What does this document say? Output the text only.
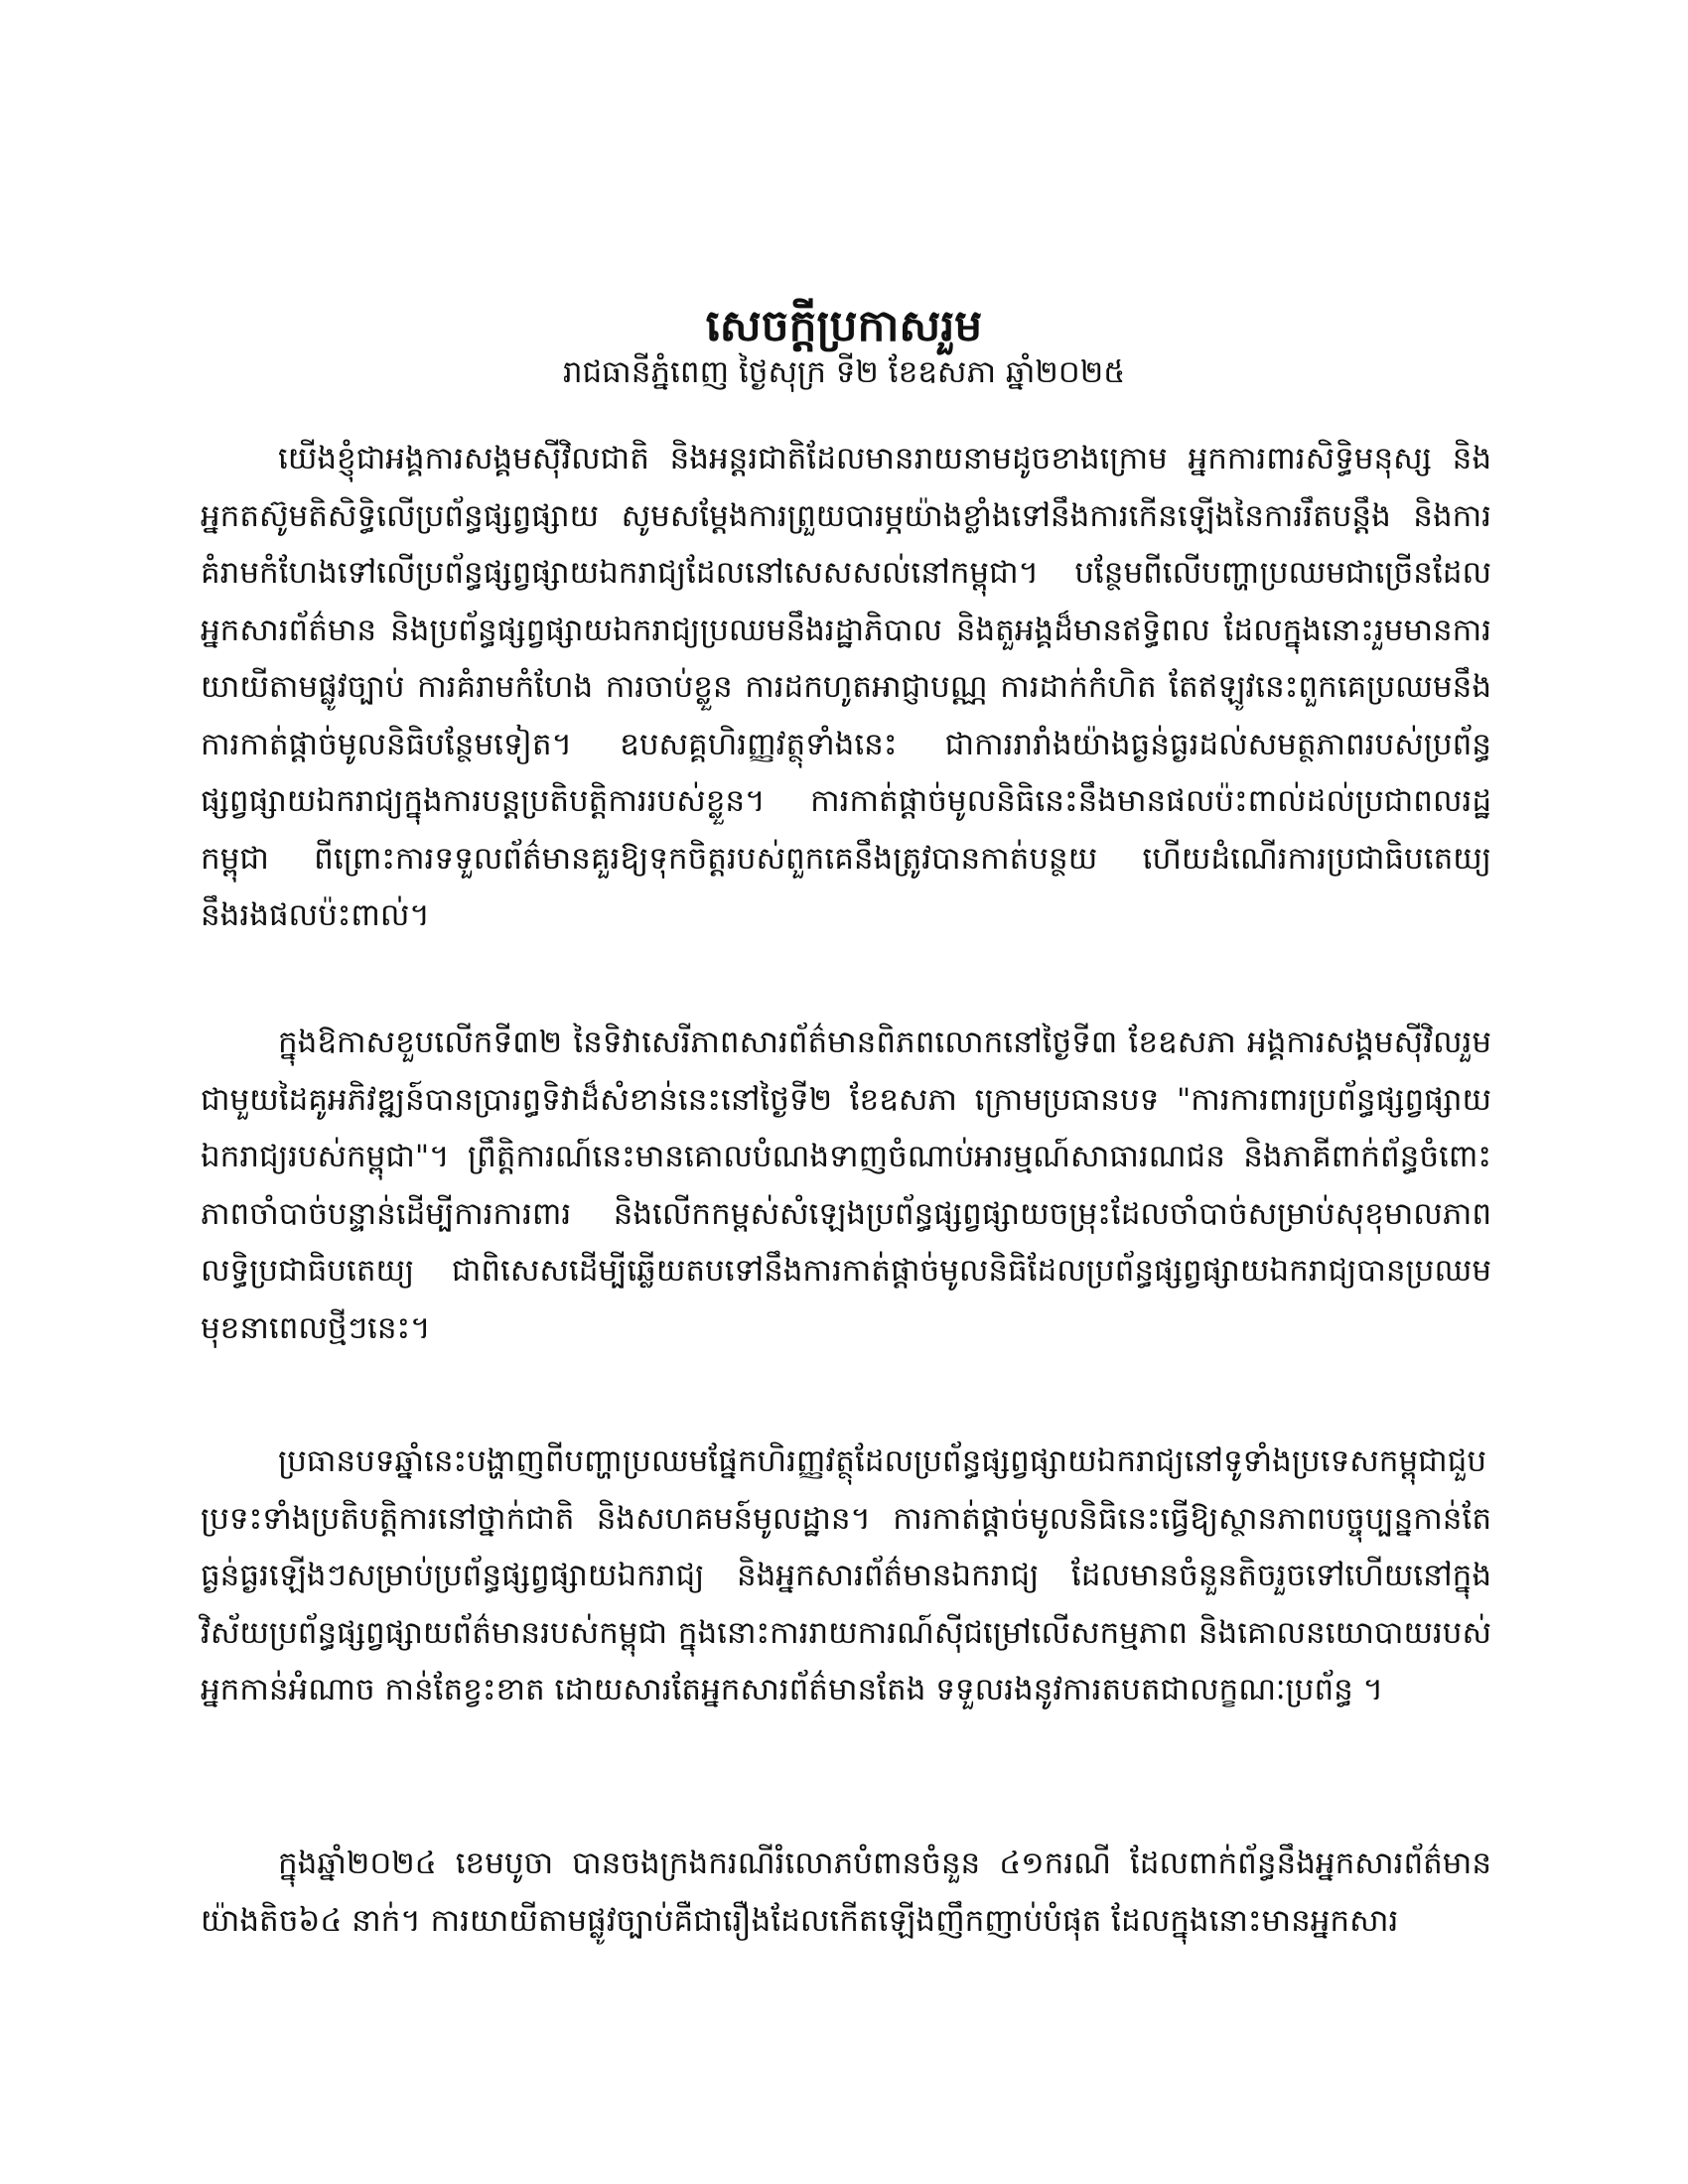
សេចក្តីប្រកាសរួម
រាជធានីភ្នំពេញ ថ្ងៃសុក្រ ទី២ ខែឧសភា ឆ្នាំ២០២៥

យើងខ្ញុំជាអង្គការសង្គមស៊ីវិលជាតិ និងអន្តរជាតិដែលមានរាយនាមដូចខាងក្រោម អ្នកការពារសិទ្ធិមនុស្ស និងអ្នកតស៊ូមតិសិទ្ធិលើប្រព័ន្ធផ្សព្វផ្សាយ សូមសម្តែងការព្រួយបារម្ភយ៉ាងខ្លាំងទៅនឹងការកើនឡើងនៃការរឹតបន្តឹង និងការគំរាមកំហែងទៅលើប្រព័ន្ធផ្សព្វផ្សាយឯករាជ្យដែលនៅសេសសល់នៅកម្ពុជា។ បន្ថែមពីលើបញ្ហាប្រឈមជាច្រើនដែលអ្នកសារព័ត៌មាន និងប្រព័ន្ធផ្សព្វផ្សាយឯករាជ្យប្រឈមនឹងរដ្ឋាភិបាល និងតួអង្គដ៏មានឥទ្ធិពល ដែលក្នុងនោះរួមមានការយាយីតាមផ្លូវច្បាប់ ការគំរាមកំហែង ការចាប់ខ្លួន ការដកហូតអាជ្ញាបណ្ណ ការដាក់កំហិត តែឥឡូវនេះពួកគេប្រឈមនឹងការកាត់ផ្តាច់មូលនិធិបន្ថែមទៀត។ ឧបសគ្គហិរញ្ញវត្ថុទាំងនេះ ជាការរារាំងយ៉ាងធ្ងន់ធ្ងរដល់សមត្ថភាពរបស់ប្រព័ន្ធផ្សព្វផ្សាយឯករាជ្យក្នុងការបន្តប្រតិបត្តិការរបស់ខ្លួន។ ការកាត់ផ្តាច់មូលនិធិនេះនឹងមានផលប៉ះពាល់ដល់ប្រជាពលរដ្ឋកម្ពុជា ពីព្រោះការទទួលព័ត៌មានគួរឱ្យទុកចិត្តរបស់ពួកគេនឹងត្រូវបានកាត់បន្ថយ ហើយដំណើរការប្រជាធិបតេយ្យនឹងរងផលប៉ះពាល់។

ក្នុងឱកាសខួបលើកទី៣២ នៃទិវាសេរីភាពសារព័ត៌មានពិភពលោកនៅថ្ងៃទី៣ ខែឧសភា អង្គការសង្គមស៊ីវិលរួមជាមួយដៃគូអភិវឌ្ឍន៍បានប្រារព្ធទិវាដ៏សំខាន់នេះនៅថ្ងៃទី២ ខែឧសភា ក្រោមប្រធានបទ "ការការពារប្រព័ន្ធផ្សព្វផ្សាយឯករាជ្យរបស់កម្ពុជា"។ ព្រឹត្តិការណ៍នេះមានគោលបំណងទាញចំណាប់អារម្មណ៍សាធារណជន និងភាគីពាក់ព័ន្ធចំពោះភាពចាំបាច់បន្ទាន់ដើម្បីការការពារ និងលើកកម្ពស់សំឡេងប្រព័ន្ធផ្សព្វផ្សាយចម្រុះដែលចាំបាច់សម្រាប់សុខុមាលភាពលទ្ធិប្រជាធិបតេយ្យ ជាពិសេសដើម្បីឆ្លើយតបទៅនឹងការកាត់ផ្តាច់មូលនិធិដែលប្រព័ន្ធផ្សព្វផ្សាយឯករាជ្យបានប្រឈមមុខនាពេលថ្មីៗនេះ។

ប្រធានបទឆ្នាំនេះបង្ហាញពីបញ្ហាប្រឈមផ្នែកហិរញ្ញវត្ថុដែលប្រព័ន្ធផ្សព្វផ្សាយឯករាជ្យនៅទូទាំងប្រទេសកម្ពុជាជួបប្រទះទាំងប្រតិបត្តិការនៅថ្នាក់ជាតិ និងសហគមន៍មូលដ្ឋាន។ ការកាត់ផ្តាច់មូលនិធិនេះធ្វើឱ្យស្ថានភាពបច្ចុប្បន្នកាន់តែធ្ងន់ធ្ងរឡើងៗសម្រាប់ប្រព័ន្ធផ្សព្វផ្សាយឯករាជ្យ និងអ្នកសារព័ត៌មានឯករាជ្យ ដែលមានចំនួនតិចរួចទៅហើយនៅក្នុងវិស័យប្រព័ន្ធផ្សព្វផ្សាយព័ត៌មានរបស់កម្ពុជា ក្នុងនោះការរាយការណ៍ស៊ីជម្រៅលើសកម្មភាព និងគោលនយោបាយរបស់អ្នកកាន់អំណាច កាន់តែខ្វះខាត ដោយសារតែអ្នកសារព័ត៌មានតែង ទទួលរងនូវការតបតជាលក្ខណៈប្រព័ន្ធ ។

ក្នុងឆ្នាំ២០២៤ ខេមបូចា បានចងក្រងករណីរំលោភបំពានចំនួន ៤១ករណី ដែលពាក់ព័ន្ធនឹងអ្នកសារព័ត៌មានយ៉ាងតិច៦៤ នាក់។ ការយាយីតាមផ្លូវច្បាប់គឺជារឿងដែលកើតឡើងញឹកញាប់បំផុត ដែលក្នុងនោះមានអ្នកសារ
